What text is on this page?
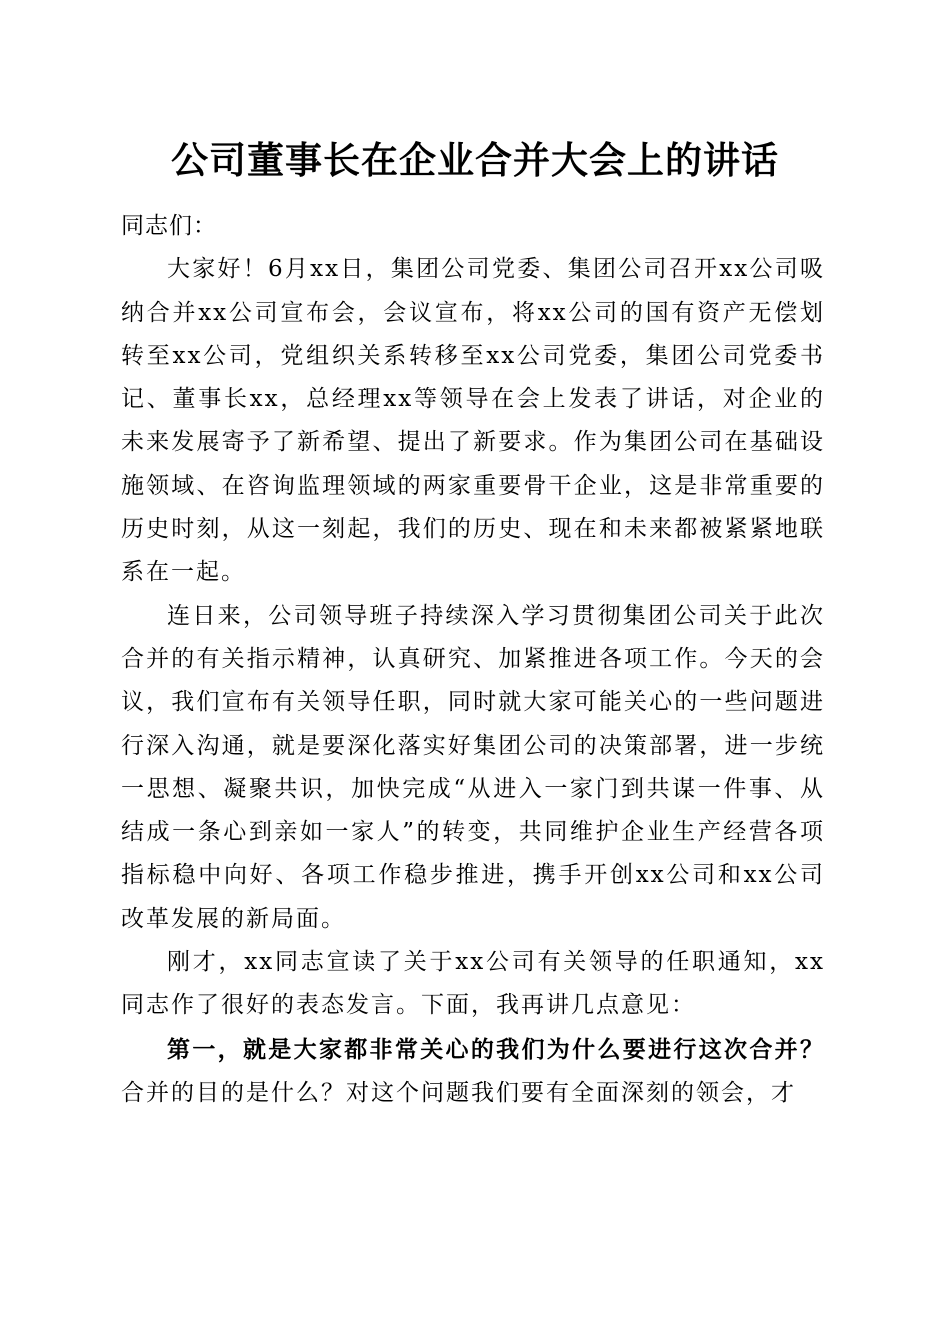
公司董事长在企业合并大会上的讲话

同志们：

大家好！6月xx日，集团公司党委、集团公司召开xx公司吸纳合并xx公司宣布会，会议宣布，将xx公司的国有资产无偿划转至xx公司，党组织关系转移至xx公司党委，集团公司党委书记、董事长xx，总经理xx等领导在会上发表了讲话，对企业的未来发展寄予了新希望、提出了新要求。作为集团公司在基础设施领域、在咨询监理领域的两家重要骨干企业，这是非常重要的历史时刻，从这一刻起，我们的历史、现在和未来都被紧紧地联系在一起。

连日来，公司领导班子持续深入学习贯彻集团公司关于此次合并的有关指示精神，认真研究、加紧推进各项工作。今天的会议，我们宣布有关领导任职，同时就大家可能关心的一些问题进行深入沟通，就是要深化落实好集团公司的决策部署，进一步统一思想、凝聚共识，加快完成“从进入一家门到共谋一件事、从结成一条心到亲如一家人”的转变，共同维护企业生产经营各项指标稳中向好、各项工作稳步推进，携手开创xx公司和xx公司改革发展的新局面。

刚才，xx同志宣读了关于xx公司有关领导的任职通知，xx同志作了很好的表态发言。下面，我再讲几点意见：

第一，就是大家都非常关心的我们为什么要进行这次合并？合并的目的是什么？对这个问题我们要有全面深刻的领会，才
